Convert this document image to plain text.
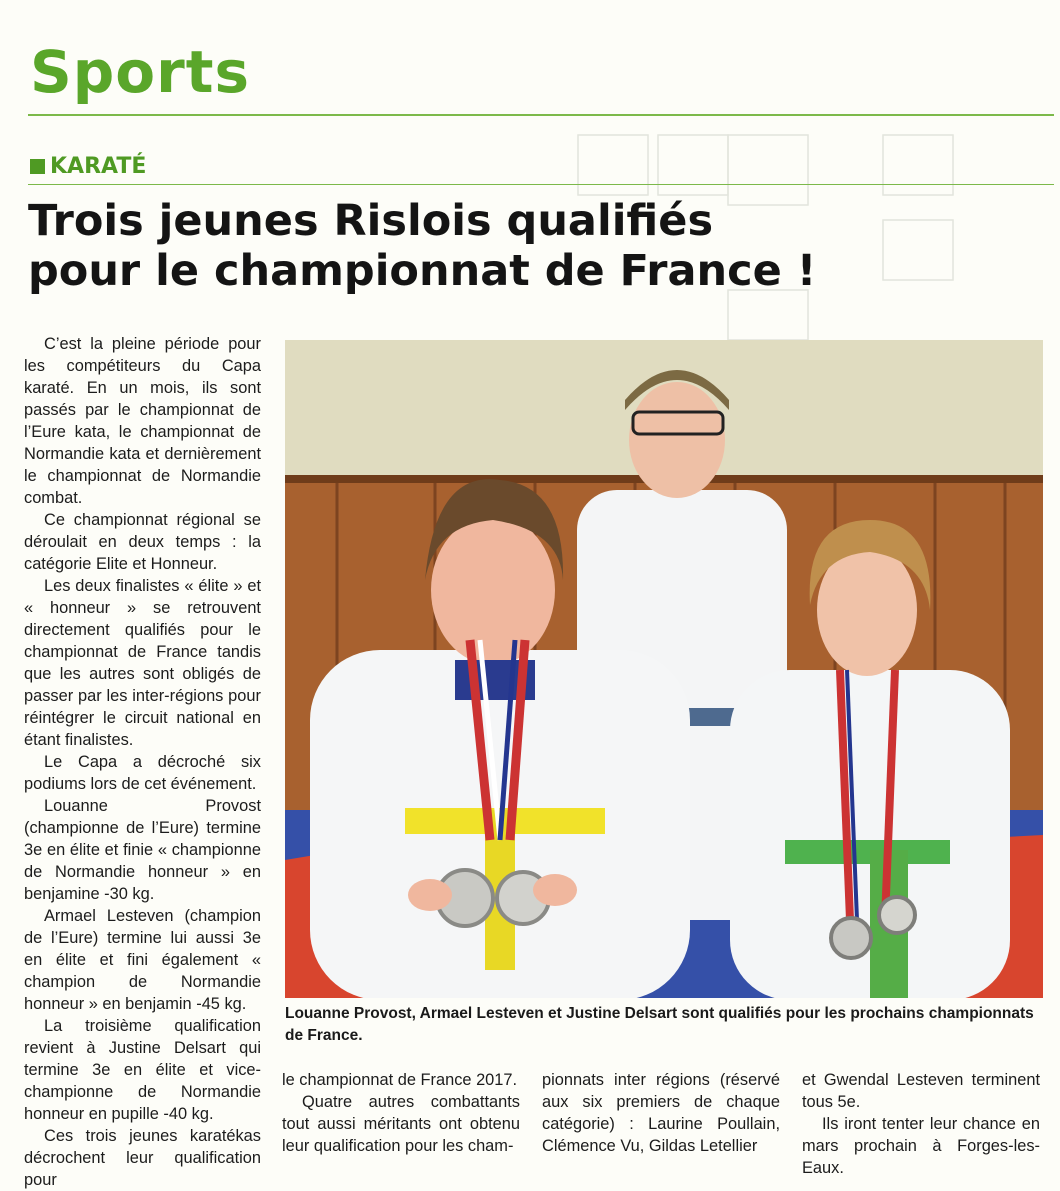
Sports
KARATÉ
Trois jeunes Rislois qualifiés
pour le championnat de France !

C’est la pleine période pour les compétiteurs du Capa karaté. En un mois, ils sont passés par le championnat de l’Eure kata, le championnat de Normandie kata et dernièrement le championnat de Normandie combat.

Ce championnat régional se déroulait en deux temps : la catégorie Elite et Honneur.

Les deux finalistes « élite » et « honneur » se retrouvent directement qualifiés pour le championnat de France tandis que les autres sont obligés de passer par les inter-régions pour réintégrer le circuit national en étant finalistes.

Le Capa a décroché six podiums lors de cet événement.

Louanne Provost (championne de l’Eure) termine 3e en élite et finie « championne de Normandie honneur » en benjamine -30 kg.

Armael Lesteven (champion de l’Eure) termine lui aussi 3e en élite et fini également « champion de Normandie honneur » en benjamin -45 kg.

La troisième qualification revient à Justine Delsart qui termine 3e en élite et vice-championne de Normandie honneur en pupille -40 kg.

Ces trois jeunes karatékas décrochent leur qualification pour

Louanne Provost, Armael Lesteven et Justine Delsart sont qualifiés pour les prochains championnats de France.

le championnat de France 2017.

Quatre autres combattants tout aussi méritants ont obtenu leur qualification pour les cham-

pionnats inter régions (réservé aux six premiers de chaque catégorie) : Laurine Poullain, Clémence Vu, Gildas Letellier

et Gwendal Lesteven terminent tous 5e.

Ils iront tenter leur chance en mars prochain à Forges-les-Eaux.
